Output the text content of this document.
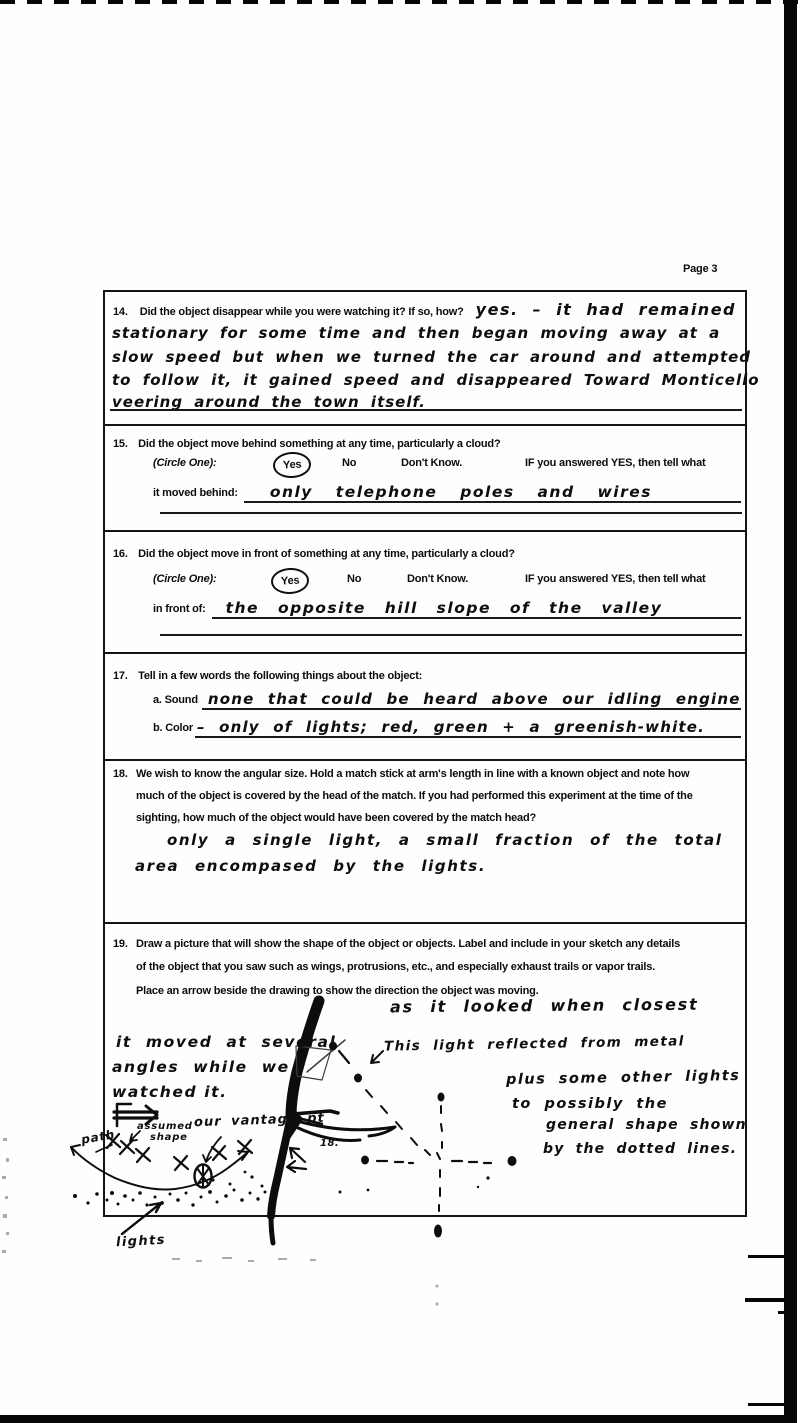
Page 3
14. Did the object disappear while you were watching it? If so, how? yes. – it had remained
stationary for some time and then began moving away at a
slow speed but when we turned the car around and attempted
to follow it, it gained speed and disappeared Toward Monticello
veering around the town itself.
15. Did the object move behind something at any time, particularly a cloud?
(Circle One):	Yes	No	Don't Know.	IF you answered YES, then tell what
it moved behind:	only telephone poles and wires
16. Did the object move in front of something at any time, particularly a cloud?
(Circle One):	Yes	No	Don't Know.	IF you answered YES, then tell what
in front of:	the opposite hill slope of the valley
17. Tell in a few words the following things about the object:
a. Sound none that could be heard above our idling engine
b. Color – only of lights; red, green + a greenish-white.
18. We wish to know the angular size. Hold a match stick at arm's length in line with a known object and note how
much of the object is covered by the head of the match. If you had performed this experiment at the time of the
sighting, how much of the object would have been covered by the match head?
only a single light, a small fraction of the total
area encompased by the lights.
19. Draw a picture that will show the shape of the object or objects. Label and include in your sketch any details
of the object that you saw such as wings, protrusions, etc., and especially exhaust trails or vapor trails.
Place an arrow beside the drawing to show the direction the object was moving.
as it looked when closest
This light reflected from metal
it moved at several
angles while we
watched it.
plus some other lights
to possibly the
general shape shown
by the dotted lines.
our vantage pt
assumed
shape
path
lights
18.
